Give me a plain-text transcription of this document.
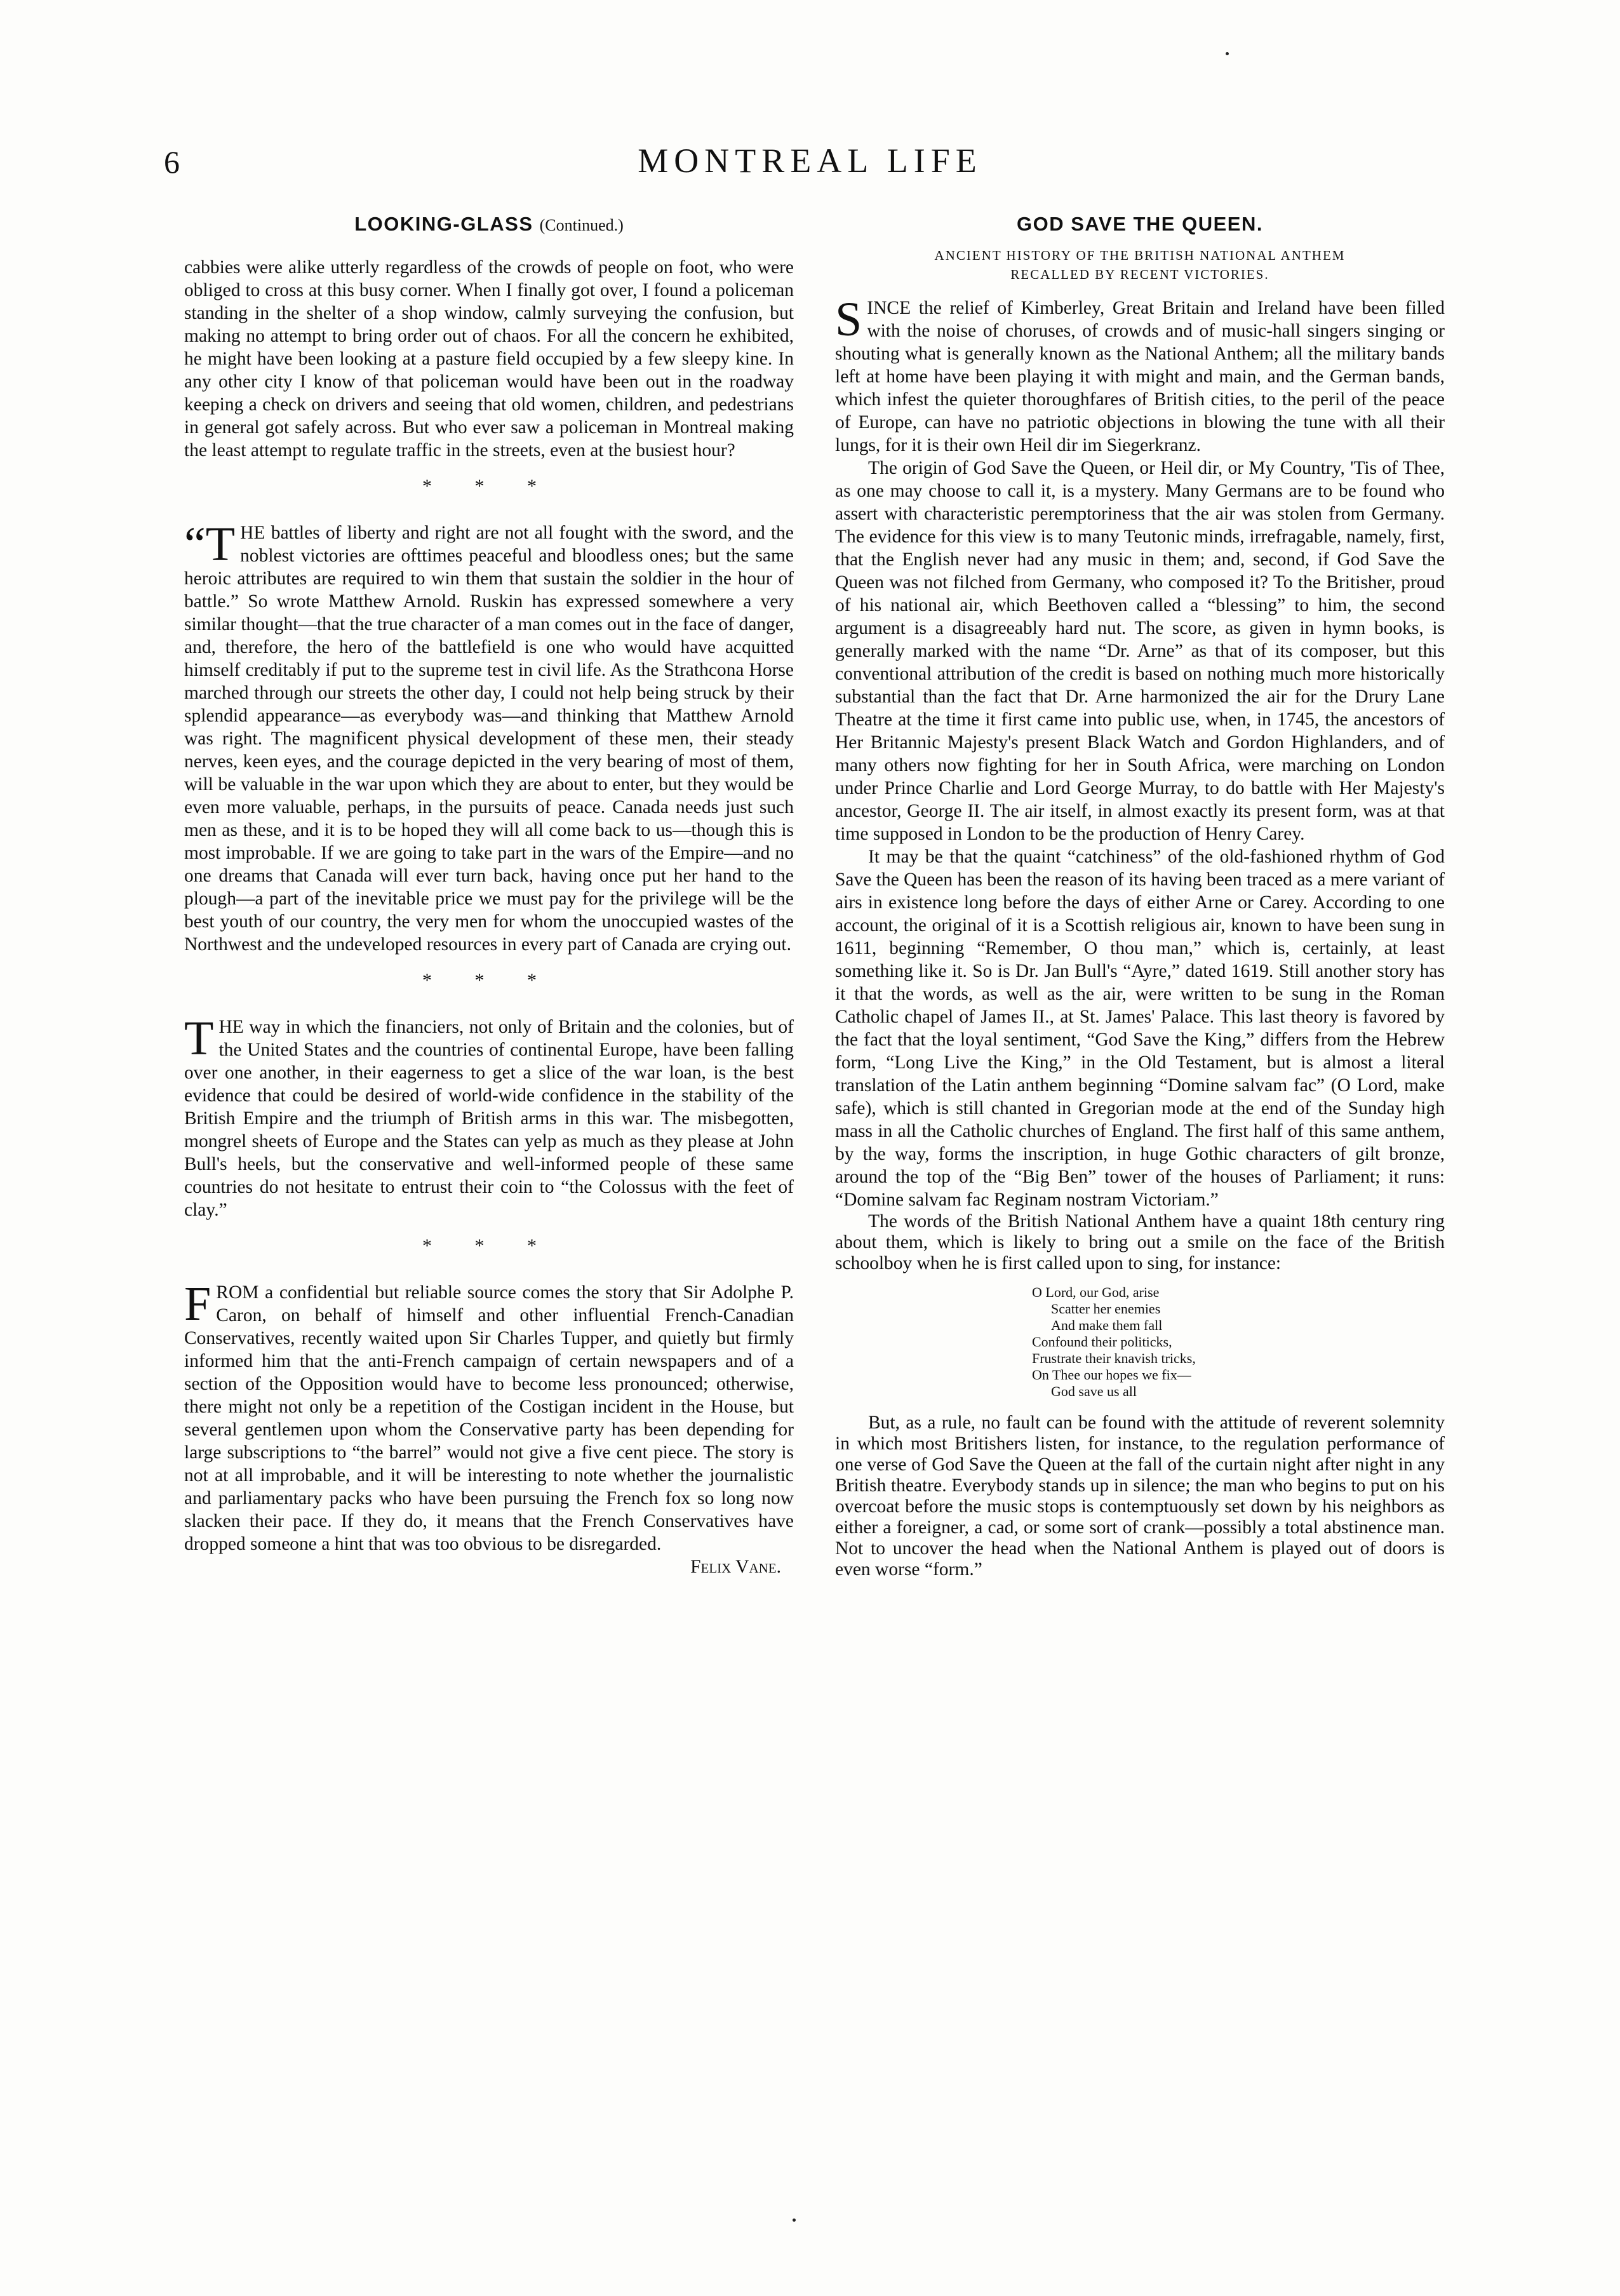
6	MONTREAL LIFE
LOOKING-GLASS (Continued.)

cabbies were alike utterly regardless of the crowds of people on foot, who were obliged to cross at this busy corner. When I finally got over, I found a policeman standing in the shelter of a shop window, calmly surveying the confusion, but making no attempt to bring order out of chaos. For all the concern he exhibited, he might have been looking at a pasture field occupied by a few sleepy kine. In any other city I know of that policeman would have been out in the roadway keeping a check on drivers and seeing that old women, children, and pedestrians in general got safely across. But who ever saw a policeman in Montreal making the least attempt to regulate traffic in the streets, even at the busiest hour?

* * *

“T HE battles of liberty and right are not all fought with the sword, and the noblest victories are ofttimes peaceful and bloodless ones; but the same heroic attributes are required to win them that sustain the soldier in the hour of battle.” So wrote Matthew Arnold. Ruskin has expressed somewhere a very similar thought—that the true character of a man comes out in the face of danger, and, therefore, the hero of the battlefield is one who would have acquitted himself creditably if put to the supreme test in civil life. As the Strathcona Horse marched through our streets the other day, I could not help being struck by their splendid appearance—as everybody was—and thinking that Matthew Arnold was right. The magnificent physical development of these men, their steady nerves, keen eyes, and the courage depicted in the very bearing of most of them, will be valuable in the war upon which they are about to enter, but they would be even more valuable, perhaps, in the pursuits of peace. Canada needs just such men as these, and it is to be hoped they will all come back to us—though this is most improbable. If we are going to take part in the wars of the Empire—and no one dreams that Canada will ever turn back, having once put her hand to the plough—a part of the inevitable price we must pay for the privilege will be the best youth of our country, the very men for whom the unoccupied wastes of the Northwest and the undeveloped resources in every part of Canada are crying out.

* * *

THE way in which the financiers, not only of Britain and the colonies, but of the United States and the countries of continental Europe, have been falling over one another, in their eagerness to get a slice of the war loan, is the best evidence that could be desired of world-wide confidence in the stability of the British Empire and the triumph of British arms in this war. The misbegotten, mongrel sheets of Europe and the States can yelp as much as they please at John Bull's heels, but the conservative and well-informed people of these same countries do not hesitate to entrust their coin to “the Colossus with the feet of clay.”

* * *

FROM a confidential but reliable source comes the story that Sir Adolphe P. Caron, on behalf of himself and other influential French-Canadian Conservatives, recently waited upon Sir Charles Tupper, and quietly but firmly informed him that the anti-French campaign of certain newspapers and of a section of the Opposition would have to become less pronounced; otherwise, there might not only be a repetition of the Costigan incident in the House, but several gentlemen upon whom the Conservative party has been depending for large subscriptions to “the barrel” would not give a five cent piece. The story is not at all improbable, and it will be interesting to note whether the journalistic and parliamentary packs who have been pursuing the French fox so long now slacken their pace. If they do, it means that the French Conservatives have dropped someone a hint that was too obvious to be disregarded.

Felix Vane.

GOD SAVE THE QUEEN.
ANCIENT HISTORY OF THE BRITISH NATIONAL ANTHEM
RECALLED BY RECENT VICTORIES.

SINCE the relief of Kimberley, Great Britain and Ireland have been filled with the noise of choruses, of crowds and of music-hall singers singing or shouting what is generally known as the National Anthem; all the military bands left at home have been playing it with might and main, and the German bands, which infest the quieter thoroughfares of British cities, to the peril of the peace of Europe, can have no patriotic objections in blowing the tune with all their lungs, for it is their own Heil dir im Siegerkranz.

The origin of God Save the Queen, or Heil dir, or My Country, 'Tis of Thee, as one may choose to call it, is a mystery. Many Germans are to be found who assert with characteristic peremptoriness that the air was stolen from Germany. The evidence for this view is to many Teutonic minds, irrefragable, namely, first, that the English never had any music in them; and, second, if God Save the Queen was not filched from Germany, who composed it? To the Britisher, proud of his national air, which Beethoven called a “blessing” to him, the second argument is a disagreeably hard nut. The score, as given in hymn books, is generally marked with the name “Dr. Arne” as that of its composer, but this conventional attribution of the credit is based on nothing much more historically substantial than the fact that Dr. Arne harmonized the air for the Drury Lane Theatre at the time it first came into public use, when, in 1745, the ancestors of Her Britannic Majesty's present Black Watch and Gordon Highlanders, and of many others now fighting for her in South Africa, were marching on London under Prince Charlie and Lord George Murray, to do battle with Her Majesty's ancestor, George II. The air itself, in almost exactly its present form, was at that time supposed in London to be the production of Henry Carey.

It may be that the quaint “catchiness” of the old-fashioned rhythm of God Save the Queen has been the reason of its having been traced as a mere variant of airs in existence long before the days of either Arne or Carey. According to one account, the original of it is a Scottish religious air, known to have been sung in 1611, beginning “Remember, O thou man,” which is, certainly, at least something like it. So is Dr. Jan Bull's “Ayre,” dated 1619. Still another story has it that the words, as well as the air, were written to be sung in the Roman Catholic chapel of James II., at St. James' Palace. This last theory is favored by the fact that the loyal sentiment, “God Save the King,” differs from the Hebrew form, “Long Live the King,” in the Old Testament, but is almost a literal translation of the Latin anthem beginning “Domine salvam fac” (O Lord, make safe), which is still chanted in Gregorian mode at the end of the Sunday high mass in all the Catholic churches of England. The first half of this same anthem, by the way, forms the inscription, in huge Gothic characters of gilt bronze, around the top of the “Big Ben” tower of the houses of Parliament; it runs: “Domine salvam fac Reginam nostram Victoriam.”

The words of the British National Anthem have a quaint 18th century ring about them, which is likely to bring out a smile on the face of the British schoolboy when he is first called upon to sing, for instance:

O Lord, our God, arise
Scatter her enemies
And make them fall
Confound their politicks,
Frustrate their knavish tricks,
On Thee our hopes we fix—
God save us all

But, as a rule, no fault can be found with the attitude of reverent solemnity in which most Britishers listen, for instance, to the regulation performance of one verse of God Save the Queen at the fall of the curtain night after night in any British theatre. Everybody stands up in silence; the man who begins to put on his overcoat before the music stops is contemptuously set down by his neighbors as either a foreigner, a cad, or some sort of crank—possibly a total abstinence man. Not to uncover the head when the National Anthem is played out of doors is even worse “form.”
